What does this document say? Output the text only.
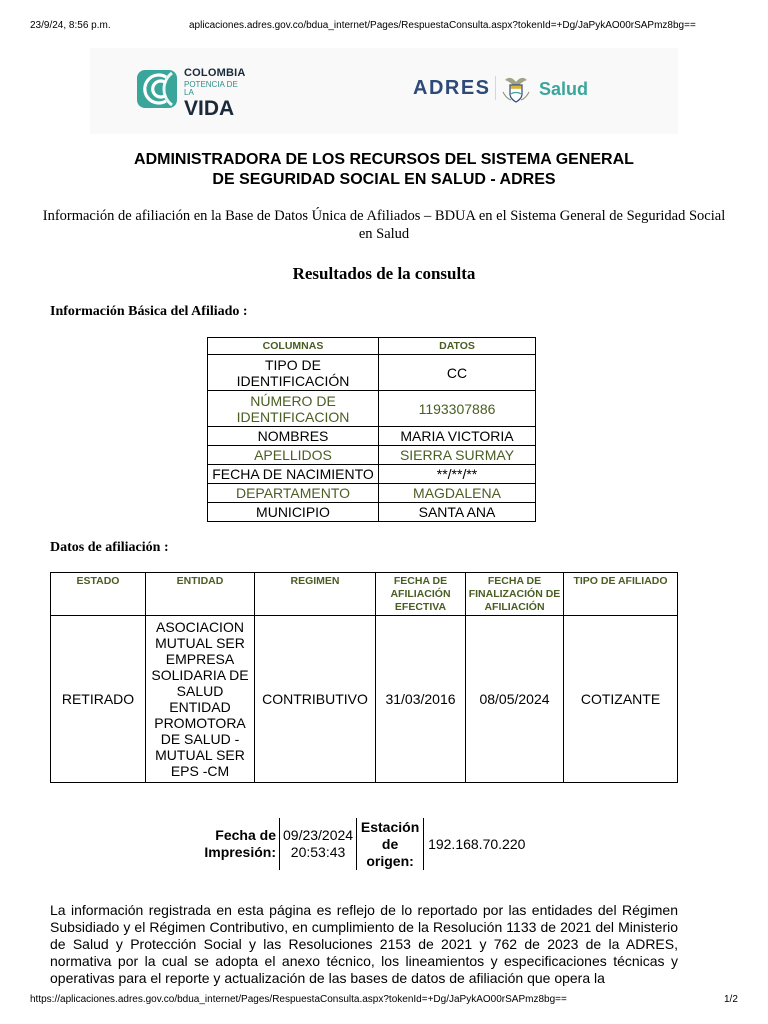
23/9/24, 8:56 p.m.	aplicaciones.adres.gov.co/bdua_internet/Pages/RespuestaConsulta.aspx?tokenId=+Dg/JaPykAO00rSAPmz8bg==
COLOMBIA
POTENCIA DE LA
VIDA
ADRES	Salud
ADMINISTRADORA DE LOS RECURSOS DEL SISTEMA GENERAL
DE SEGURIDAD SOCIAL EN SALUD - ADRES
Información de afiliación en la Base de Datos Única de Afiliados – BDUA en el Sistema General de Seguridad Social en Salud
Resultados de la consulta
Información Básica del Afiliado :
COLUMNAS	DATOS
TIPO DE IDENTIFICACIÓN	CC
NÚMERO DE IDENTIFICACION	1193307886
NOMBRES	MARIA VICTORIA
APELLIDOS	SIERRA SURMAY
FECHA DE NACIMIENTO	**/**/**
DEPARTAMENTO	MAGDALENA
MUNICIPIO	SANTA ANA
Datos de afiliación :
ESTADO	ENTIDAD	REGIMEN	FECHA DE AFILIACIÓN EFECTIVA	FECHA DE FINALIZACIÓN DE AFILIACIÓN	TIPO DE AFILIADO
RETIRADO	ASOCIACION MUTUAL SER EMPRESA SOLIDARIA DE SALUD ENTIDAD PROMOTORA DE SALUD - MUTUAL SER EPS -CM	CONTRIBUTIVO	31/03/2016	08/05/2024	COTIZANTE
Fecha de Impresión:	09/23/2024 20:53:43	Estación de origen:	192.168.70.220
La información registrada en esta página es reflejo de lo reportado por las entidades del Régimen Subsidiado y el Régimen Contributivo, en cumplimiento de la Resolución 1133 de 2021 del Ministerio de Salud y Protección Social y las Resoluciones 2153 de 2021 y 762 de 2023 de la ADRES, normativa por la cual se adopta el anexo técnico, los lineamientos y especificaciones técnicas y operativas para el reporte y actualización de las bases de datos de afiliación que opera la
https://aplicaciones.adres.gov.co/bdua_internet/Pages/RespuestaConsulta.aspx?tokenId=+Dg/JaPykAO00rSAPmz8bg==	1/2
